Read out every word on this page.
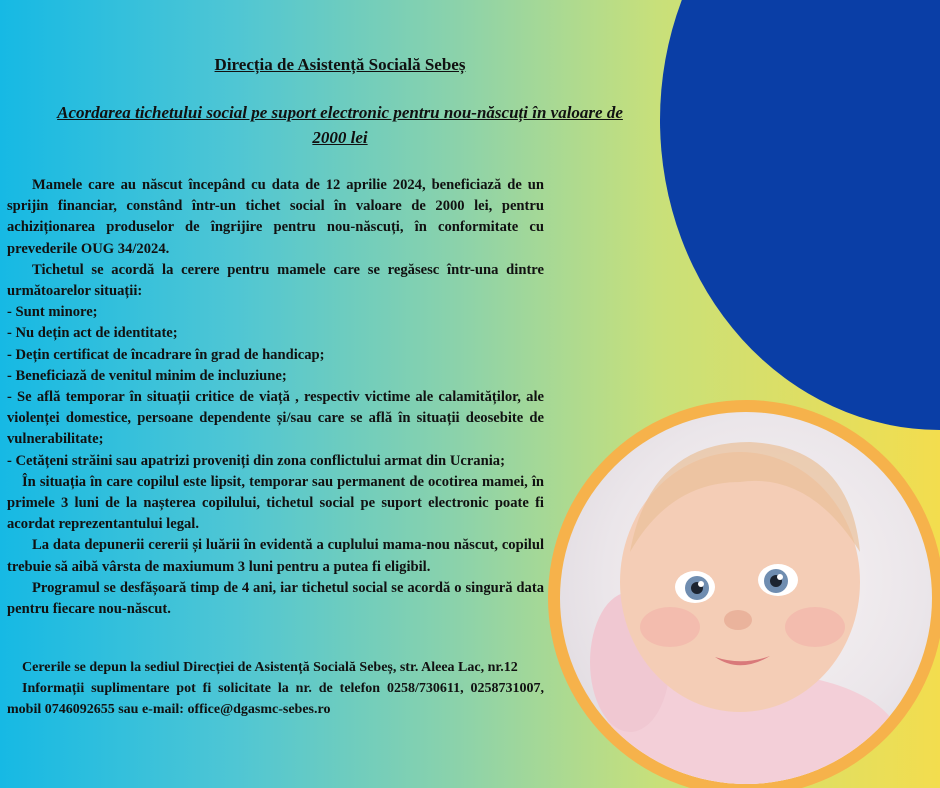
Direcția de Asistență Socială Sebeș
Acordarea tichetului social pe suport electronic pentru nou-născuți în valoare de 2000 lei

Mamele care au născut începând cu data de 12 aprilie 2024, beneficiază de un sprijin financiar, constând într-un tichet social în valoare de 2000 lei, pentru achiziționarea produselor de îngrijire pentru nou-născuți, în conformitate cu prevederile OUG 34/2024.

Tichetul se acordă la cerere pentru mamele care se regăsesc într-una dintre următoarelor situații:

- Sunt minore;

- Nu dețin act de identitate;

- Dețin certificat de încadrare în grad de handicap;

- Beneficiază de venitul minim de incluziune;

- Se află temporar în situații critice de viață , respectiv victime ale calamităților, ale violenței domestice, persoane dependente și/sau care se află în situații deosebite de vulnerabilitate;

- Cetățeni străini sau apatrizi proveniți din zona conflictului armat din Ucrania;

În situația în care copilul este lipsit, temporar sau permanent de ocotirea mamei, în primele 3 luni de la nașterea copilului, tichetul social pe suport electronic poate fi acordat reprezentantului legal.

La data depunerii cererii și luării în evidentă a cuplului mama-nou născut, copilul trebuie să aibă vârsta de maxiumum 3 luni pentru a putea fi eligibil.

Programul se desfășoară timp de 4 ani, iar tichetul social se acordă o singură data pentru fiecare nou-născut.

Cererile se depun la sediul Direcției de Asistență Socială Sebeș, str. Aleea Lac, nr.12

Informații suplimentare pot fi solicitate la nr. de telefon 0258/730611, 0258731007, mobil 0746092655 sau e-mail: office@dgasmc-sebes.ro
